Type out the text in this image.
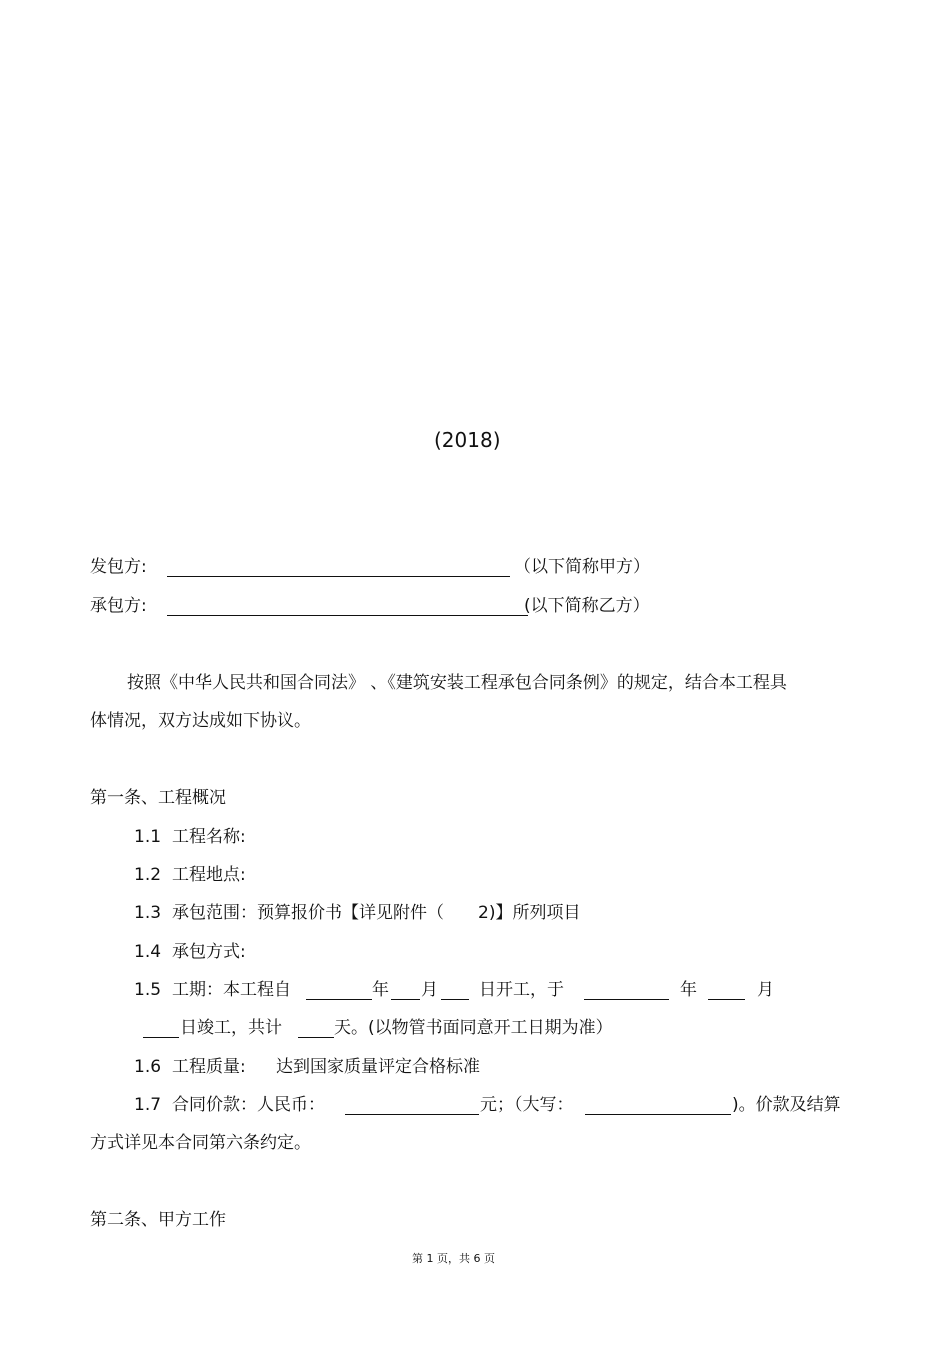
(2018)
发包方:	（以下简称甲方）
承包方:	(以下简称乙方）
按照《中华人民共和国合同法》 、《建筑安装工程承包合同条例》的规定，结合本工程具
体情况，双方达成如下协议。
第一条、工程概况
1.1 工程名称:
1.2 工程地点:
1.3 承包范围：预算报价书【详见附件（ 2)】所列项目
1.4 承包方式:
1.5 工期：本工程自	年 月 日开工，于	年	月
日竣工，共计	天。(以物管书面同意开工日期为准）
1.6 工程质量: 达到国家质量评定合格标准
1.7 合同价款：人民币：	元；（大写：	)。价款及结算
方式详见本合同第六条约定。
第二条、甲方工作
第 1 页，共 6 页
